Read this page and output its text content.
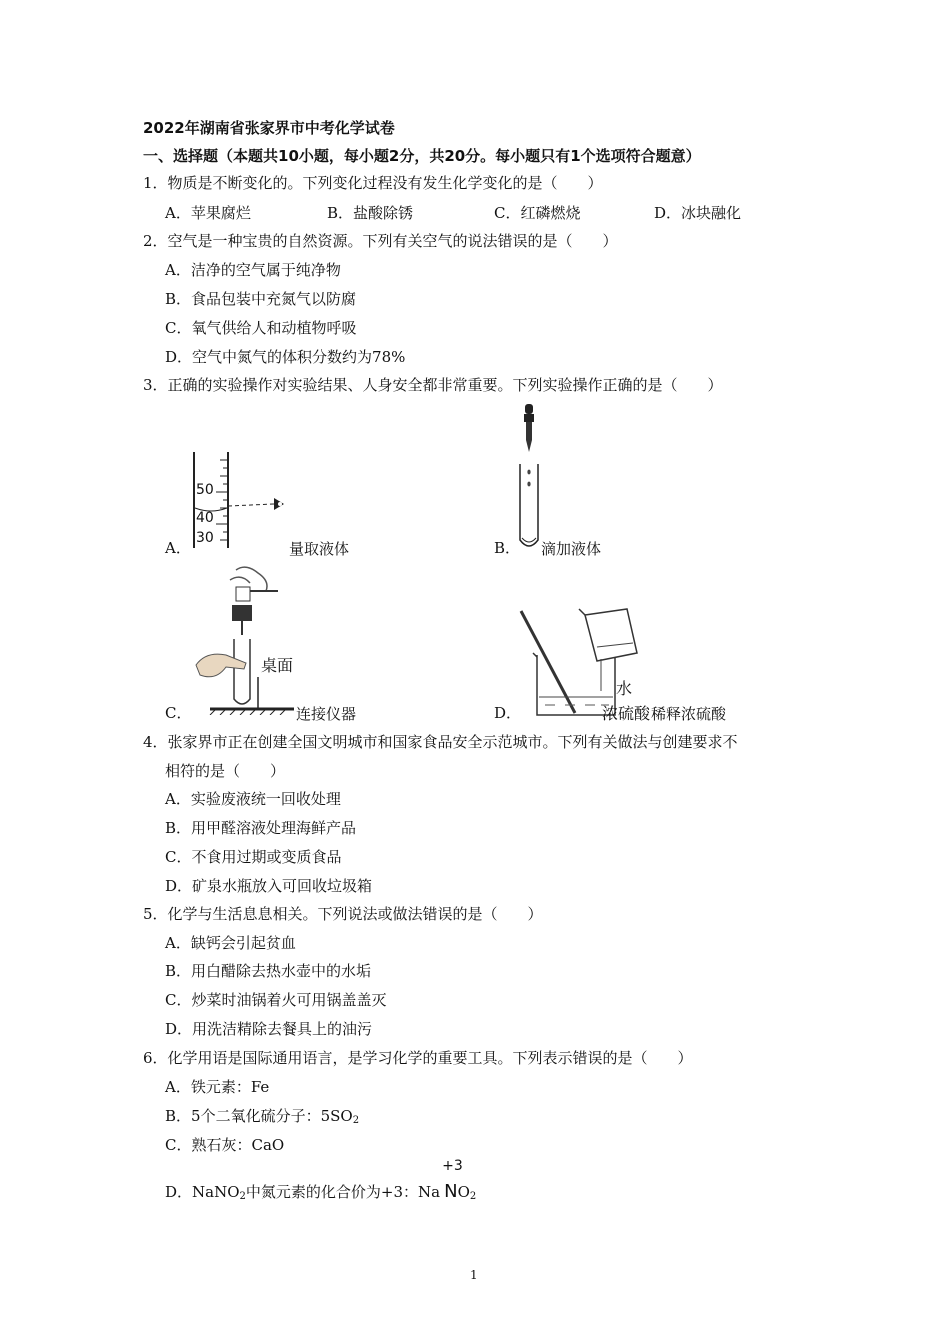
2022年湖南省张家界市中考化学试卷
一、选择题（本题共10小题，每小题2分，共20分。每小题只有1个选项符合题意）
1．物质是不断变化的。下列变化过程没有发生化学变化的是（　　）
A．苹果腐烂	B．盐酸除锈	C．红磷燃烧	D．冰块融化
2．空气是一种宝贵的自然资源。下列有关空气的说法错误的是（　　）
A．洁净的空气属于纯净物
B．食品包装中充氮气以防腐
C．氧气供给人和动植物呼吸
D．空气中氮气的体积分数约为78%
3．正确的实验操作对实验结果、人身安全都非常重要。下列实验操作正确的是（　　）
A．
50
40
30
量取液体	B． 滴加液体
C．
桌面
连接仪器	D．
水
浓硫酸 稀释浓硫酸
4．张家界市正在创建全国文明城市和国家食品安全示范城市。下列有关做法与创建要求不
相符的是（　　）
A．实验废液统一回收处理
B．用甲醛溶液处理海鲜产品
C．不食用过期或变质食品
D．矿泉水瓶放入可回收垃圾箱
5．化学与生活息息相关。下列说法或做法错误的是（　　）
A．缺钙会引起贫血
B．用白醋除去热水壶中的水垢
C．炒菜时油锅着火可用锅盖盖灭
D．用洗洁精除去餐具上的油污
6．化学用语是国际通用语言，是学习化学的重要工具。下列表示错误的是（　　）
A．铁元素：Fe
B．5个二氧化硫分子：$5SO_2$
C．熟石灰：CaO
D．NaNO$_2$中氮元素的化合价为+3：Na
+3
$NO_2$
1
